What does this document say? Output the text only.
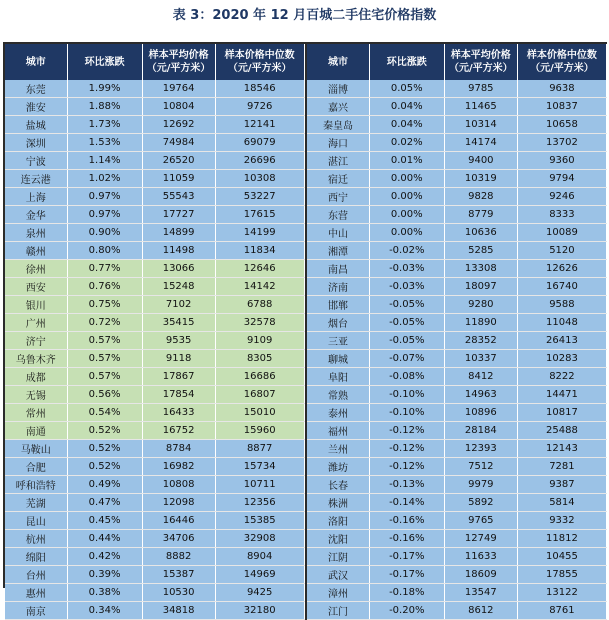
表 3：2020 年 12 月百城二手住宅价格指数
城市	环比涨跌	样本平均价格
（元/平方米）	样本价格中位数
（元/平方米）		城市	环比涨跌	样本平均价格
（元/平方米）	样本价格中位数
（元/平方米）
东莞	1.99%	19764	18546		淄博	0.05%	9785	9638
淮安	1.88%	10804	9726		嘉兴	0.04%	11465	10837
盐城	1.73%	12692	12141		秦皇岛	0.04%	10314	10658
深圳	1.53%	74984	69079		海口	0.02%	14174	13702
宁波	1.14%	26520	26696		湛江	0.01%	9400	9360
连云港	1.02%	11059	10308		宿迁	0.00%	10319	9794
上海	0.97%	55543	53227		西宁	0.00%	9828	9246
金华	0.97%	17727	17615		东营	0.00%	8779	8333
泉州	0.90%	14899	14199		中山	0.00%	10636	10089
赣州	0.80%	11498	11834		湘潭	-0.02%	5285	5120
徐州	0.77%	13066	12646		南昌	-0.03%	13308	12626
西安	0.76%	15248	14142		济南	-0.03%	18097	16740
银川	0.75%	7102	6788		邯郸	-0.05%	9280	9588
广州	0.72%	35415	32578		烟台	-0.05%	11890	11048
济宁	0.57%	9535	9109		三亚	-0.05%	28352	26413
乌鲁木齐	0.57%	9118	8305		聊城	-0.07%	10337	10283
成都	0.57%	17867	16686		阜阳	-0.08%	8412	8222
无锡	0.56%	17854	16807		常熟	-0.10%	14963	14471
常州	0.54%	16433	15010		泰州	-0.10%	10896	10817
南通	0.52%	16752	15960		福州	-0.12%	28184	25488
马鞍山	0.52%	8784	8877		兰州	-0.12%	12393	12143
合肥	0.52%	16982	15734		潍坊	-0.12%	7512	7281
呼和浩特	0.49%	10808	10711		长春	-0.13%	9979	9387
芜湖	0.47%	12098	12356		株洲	-0.14%	5892	5814
昆山	0.45%	16446	15385		洛阳	-0.16%	9765	9332
杭州	0.44%	34706	32908		沈阳	-0.16%	12749	11812
绵阳	0.42%	8882	8904		江阴	-0.17%	11633	10455
台州	0.39%	15387	14969		武汉	-0.17%	18609	17855
惠州	0.38%	10530	9425		漳州	-0.18%	13547	13122
南京	0.34%	34818	32180		江门	-0.20%	8612	8761
